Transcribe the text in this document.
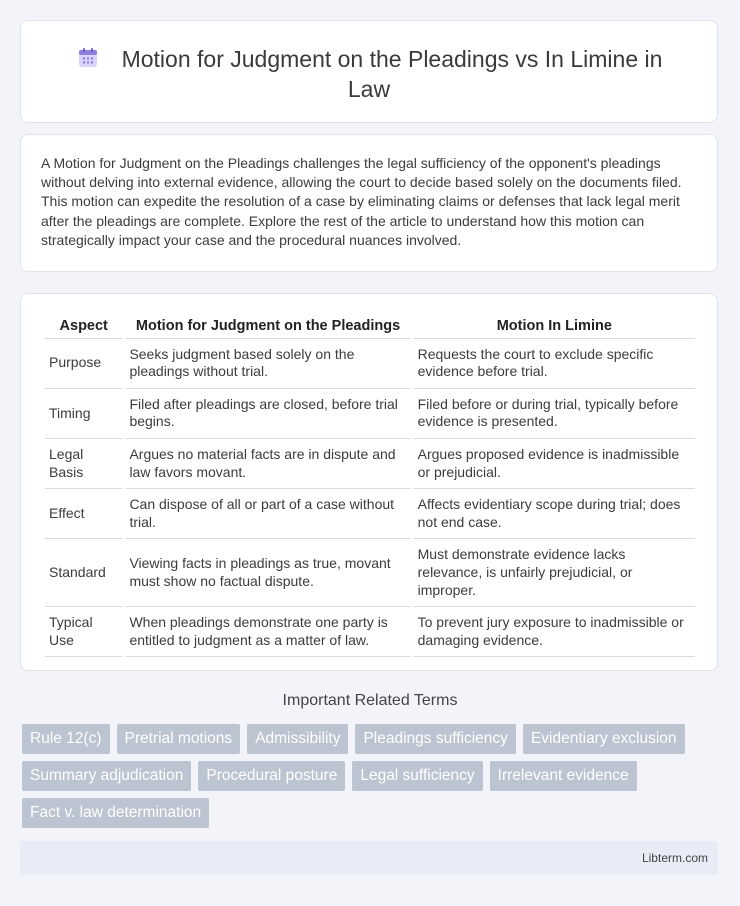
Motion for Judgment on the Pleadings vs In Limine in Law
A Motion for Judgment on the Pleadings challenges the legal sufficiency of the opponent's pleadings without delving into external evidence, allowing the court to decide based solely on the documents filed. This motion can expedite the resolution of a case by eliminating claims or defenses that lack legal merit after the pleadings are complete. Explore the rest of the article to understand how this motion can strategically impact your case and the procedural nuances involved.
Aspect	Motion for Judgment on the Pleadings	Motion In Limine
Purpose	Seeks judgment based solely on the pleadings without trial.	Requests the court to exclude specific evidence before trial.
Timing	Filed after pleadings are closed, before trial begins.	Filed before or during trial, typically before evidence is presented.
Legal Basis	Argues no material facts are in dispute and law favors movant.	Argues proposed evidence is inadmissible or prejudicial.
Effect	Can dispose of all or part of a case without trial.	Affects evidentiary scope during trial; does not end case.
Standard	Viewing facts in pleadings as true, movant must show no factual dispute.	Must demonstrate evidence lacks relevance, is unfairly prejudicial, or improper.
Typical Use	When pleadings demonstrate one party is entitled to judgment as a matter of law.	To prevent jury exposure to inadmissible or damaging evidence.
Important Related Terms
Rule 12(c)	Pretrial motions	Admissibility	Pleadings sufficiency	Evidentiary exclusion
Summary adjudication	Procedural posture	Legal sufficiency	Irrelevant evidence
Fact v. law determination
Libterm.com
